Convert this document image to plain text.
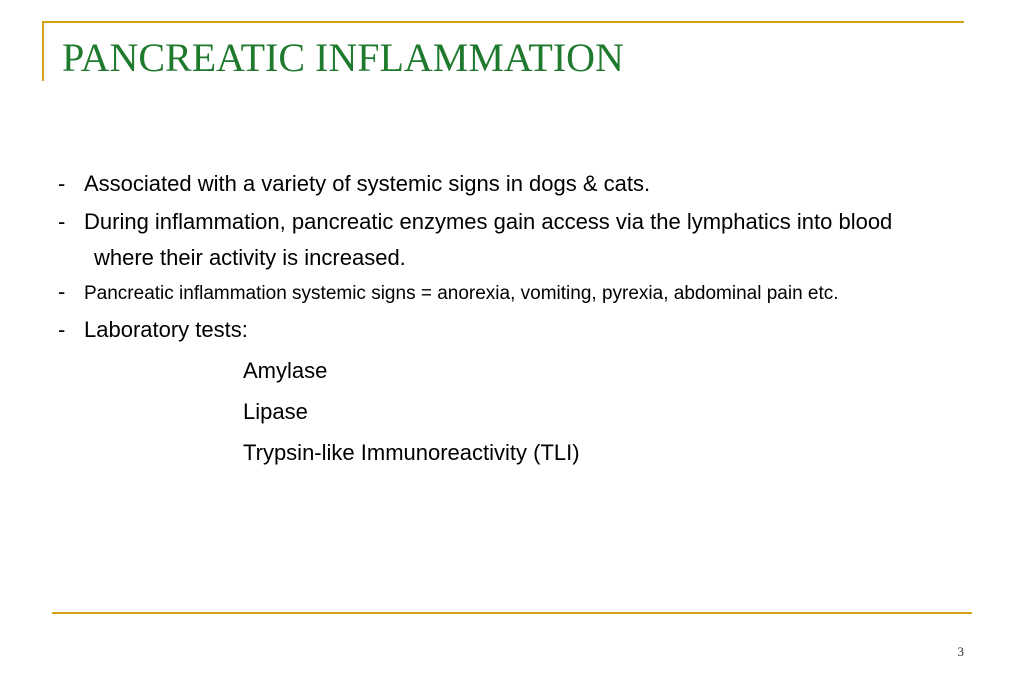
PANCREATIC INFLAMMATION
- Associated with a variety of systemic signs in dogs & cats.
- During inflammation, pancreatic enzymes gain access via the lymphatics into blood where their activity is increased.
- Pancreatic inflammation systemic signs = anorexia, vomiting, pyrexia, abdominal pain etc.
- Laboratory tests:
Amylase
Lipase
Trypsin-like Immunoreactivity (TLI)
3
